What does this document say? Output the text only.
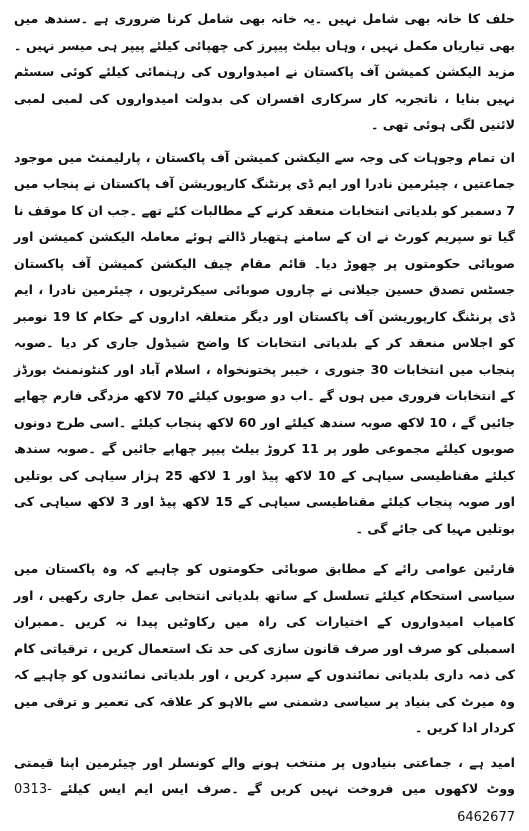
حلف کا خانہ بھی شامل نہیں ۔یہ خانہ بھی شامل کرنا ضروری ہے ۔سندھ میں بھی تیاریاں مکمل نہیں ، وہاں بیلٹ پیپرز کی چھپائی کیلئے پیپر ہی میسر نہیں ۔مزید الیکشن کمیشن آف پاکستان نے امیدواروں کی رہنمائی کیلئے کوئی سسٹم نہیں بنایا ، ناتجربہ کار سرکاری افسران کی بدولت امیدواروں کی لمبی لمبی لائنیں لگی ہوئی تھی ۔

ان تمام وجوہات کی وجہ سے الیکشن کمیشن آف پاکستان ، پارلیمنٹ میں موجود جماعتیں ، چیئرمین نادرا اور ایم ڈی پرنٹنگ کارپوریشن آف پاکستان نے پنجاب میں 7 دسمبر کو بلدیاتی انتخابات منعقد کرنے کے مطالبات کئے تھے ۔جب ان کا موقف نا گیا تو سپریم کورٹ نے ان کے سامنے ہتھیار ڈالتے ہوئے معاملہ الیکشن کمیشن اور صوبائی حکومتوں پر چھوڑ دیا۔ قائم مقام چیف الیکشن کمیشن آف پاکستان جسٹس تصدق حسین جیلانی نے چاروں صوبائی سیکرٹریوں ، چیئرمین نادرا ، ایم ڈی پرنٹنگ کارپوریشن آف پاکستان اور دیگر متعلقہ اداروں کے حکام کا 19 نومبر کو اجلاس منعقد کر کے بلدیاتی انتخابات کا واضح شیڈول جاری کر دیا ۔صوبہ پنجاب میں انتخابات 30 جنوری ، خیبر پختونخواہ ، اسلام آباد اور کنٹونمنٹ بورڈز کے انتخابات فروری میں ہوں گے ۔اب دو صوبوں کیلئے 70 لاکھ مزدگی فارم چھاپے جائیں گے ، 10 لاکھ صوبہ سندھ کیلئے اور 60 لاکھ پنجاب کیلئے ۔اسی طرح دونوں صوبوں کیلئے مجموعی طور پر 11 کروڑ بیلٹ پیپر چھاپے جائیں گے ۔صوبہ سندھ کیلئے مقناطیسی سیاہی کے 10 لاکھ پیڈ اور 1 لاکھ 25 ہزار سیاہی کی بوتلیں اور صوبہ پنجاب کیلئے مقناطیسی سیاہی کے 15 لاکھ پیڈ اور 3 لاکھ سیاہی کی بوتلیں مہیا کی جائے گی ۔

قارئین عوامی رائے کے مطابق صوبائی حکومتوں کو چاہیے کہ وہ پاکستان میں سیاسی استحکام کیلئے تسلسل کے ساتھ بلدیاتی انتخابی عمل جاری رکھیں ، اور کامیاب امیدواروں کے اختیارات کی راہ میں رکاوٹیں پیدا نہ کریں ۔ممبران اسمبلی کو صرف اور صرف قانون سازی کی حد تک استعمال کریں ، ترقیاتی کام کی ذمہ داری بلدیاتی نمائندوں کے سپرد کریں ، اور بلدیاتی نمائندوں کو چاہیے کہ وہ میرٹ کی بنیاد پر سیاسی دشمنی سے بالاہو کر علاقہ کی تعمیر و ترقی میں کردار ادا کریں ۔

امید ہے ، جماعتی بنیادوں پر منتخب ہونے والے کونسلر اور چیئرمین اپنا قیمتی ووٹ لاکھوں میں فروخت نہیں کریں گے ۔صرف ایس ایم ایس کیلئے 0313-6462677
